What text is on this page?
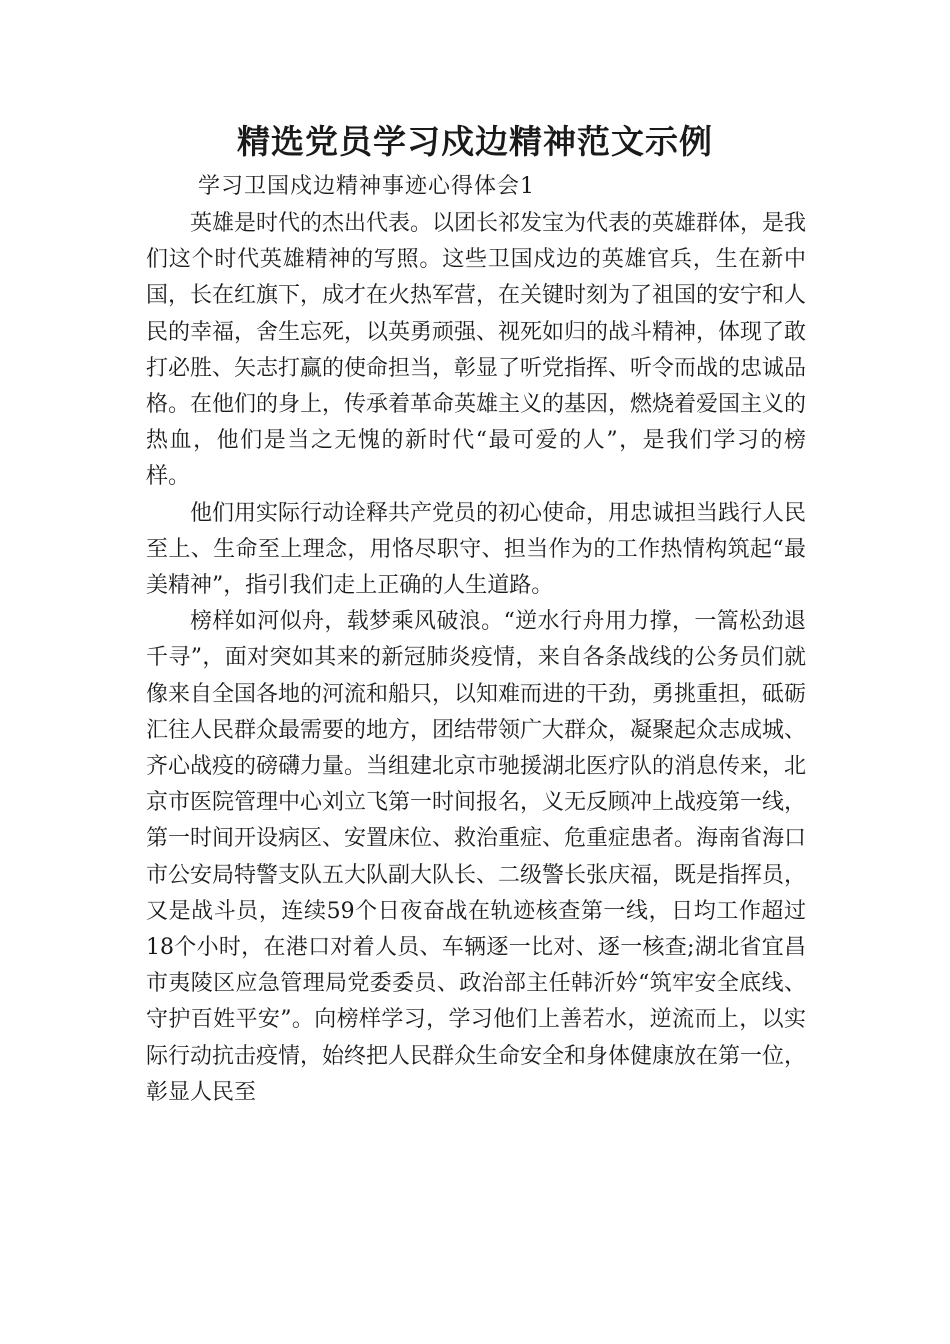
精选党员学习戍边精神范文示例

学习卫国戍边精神事迹心得体会1

英雄是时代的杰出代表。以团长祁发宝为代表的英雄群体，是我们这个时代英雄精神的写照。这些卫国戍边的英雄官兵，生在新中国，长在红旗下，成才在火热军营，在关键时刻为了祖国的安宁和人民的幸福，舍生忘死，以英勇顽强、视死如归的战斗精神，体现了敢打必胜、矢志打赢的使命担当，彰显了听党指挥、听令而战的忠诚品格。在他们的身上，传承着革命英雄主义的基因，燃烧着爱国主义的热血，他们是当之无愧的新时代“最可爱的人”，是我们学习的榜样。

他们用实际行动诠释共产党员的初心使命，用忠诚担当践行人民至上、生命至上理念，用恪尽职守、担当作为的工作热情构筑起“最美精神”，指引我们走上正确的人生道路。

榜样如河似舟，载梦乘风破浪。“逆水行舟用力撑，一篙松劲退千寻”，面对突如其来的新冠肺炎疫情，来自各条战线的公务员们就像来自全国各地的河流和船只，以知难而进的干劲，勇挑重担，砥砺汇往人民群众最需要的地方，团结带领广大群众，凝聚起众志成城、齐心战疫的磅礴力量。当组建北京市驰援湖北医疗队的消息传来，北京市医院管理中心刘立飞第一时间报名，义无反顾冲上战疫第一线，第一时间开设病区、安置床位、救治重症、危重症患者。海南省海口市公安局特警支队五大队副大队长、二级警长张庆福，既是指挥员，又是战斗员，连续59个日夜奋战在轨迹核查第一线，日均工作超过18个小时，在港口对着人员、车辆逐一比对、逐一核查;湖北省宜昌市夷陵区应急管理局党委委员、政治部主任韩沂妗“筑牢安全底线、守护百姓平安”。向榜样学习，学习他们上善若水，逆流而上，以实际行动抗击疫情，始终把人民群众生命安全和身体健康放在第一位，彰显人民至
